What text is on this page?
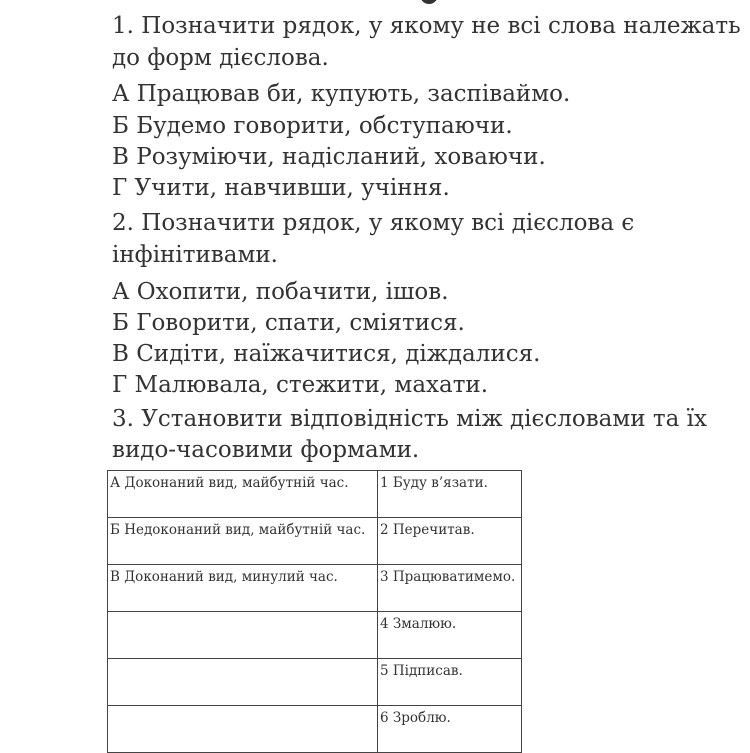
1. Позначити рядок, у якому не всі слова належать

до форм дієслова.

А Працював би, купують, заспіваймо.

Б Будемо говорити, обступаючи.

В Розуміючи, надісланий, ховаючи.

Г Учити, навчивши, учіння.

2. Позначити рядок, у якому всі дієслова є

інфінітивами.

А Охопити, побачити, ішов.

Б Говорити, спати, сміятися.

В Сидіти, наїжачитися, діждалися.

Г Малювала, стежити, махати.

3. Установити відповідність між дієсловами та їх

видо-часовими формами.

А Доконаний вид, майбутній час.	1 Буду в’язати.
Б Недоконаний вид, майбутній час.	2 Перечитав.
В Доконаний вид, минулий час.	3 Працюватимемо.
	4 Змалюю.
	5 Підписав.
	6 Зроблю.
